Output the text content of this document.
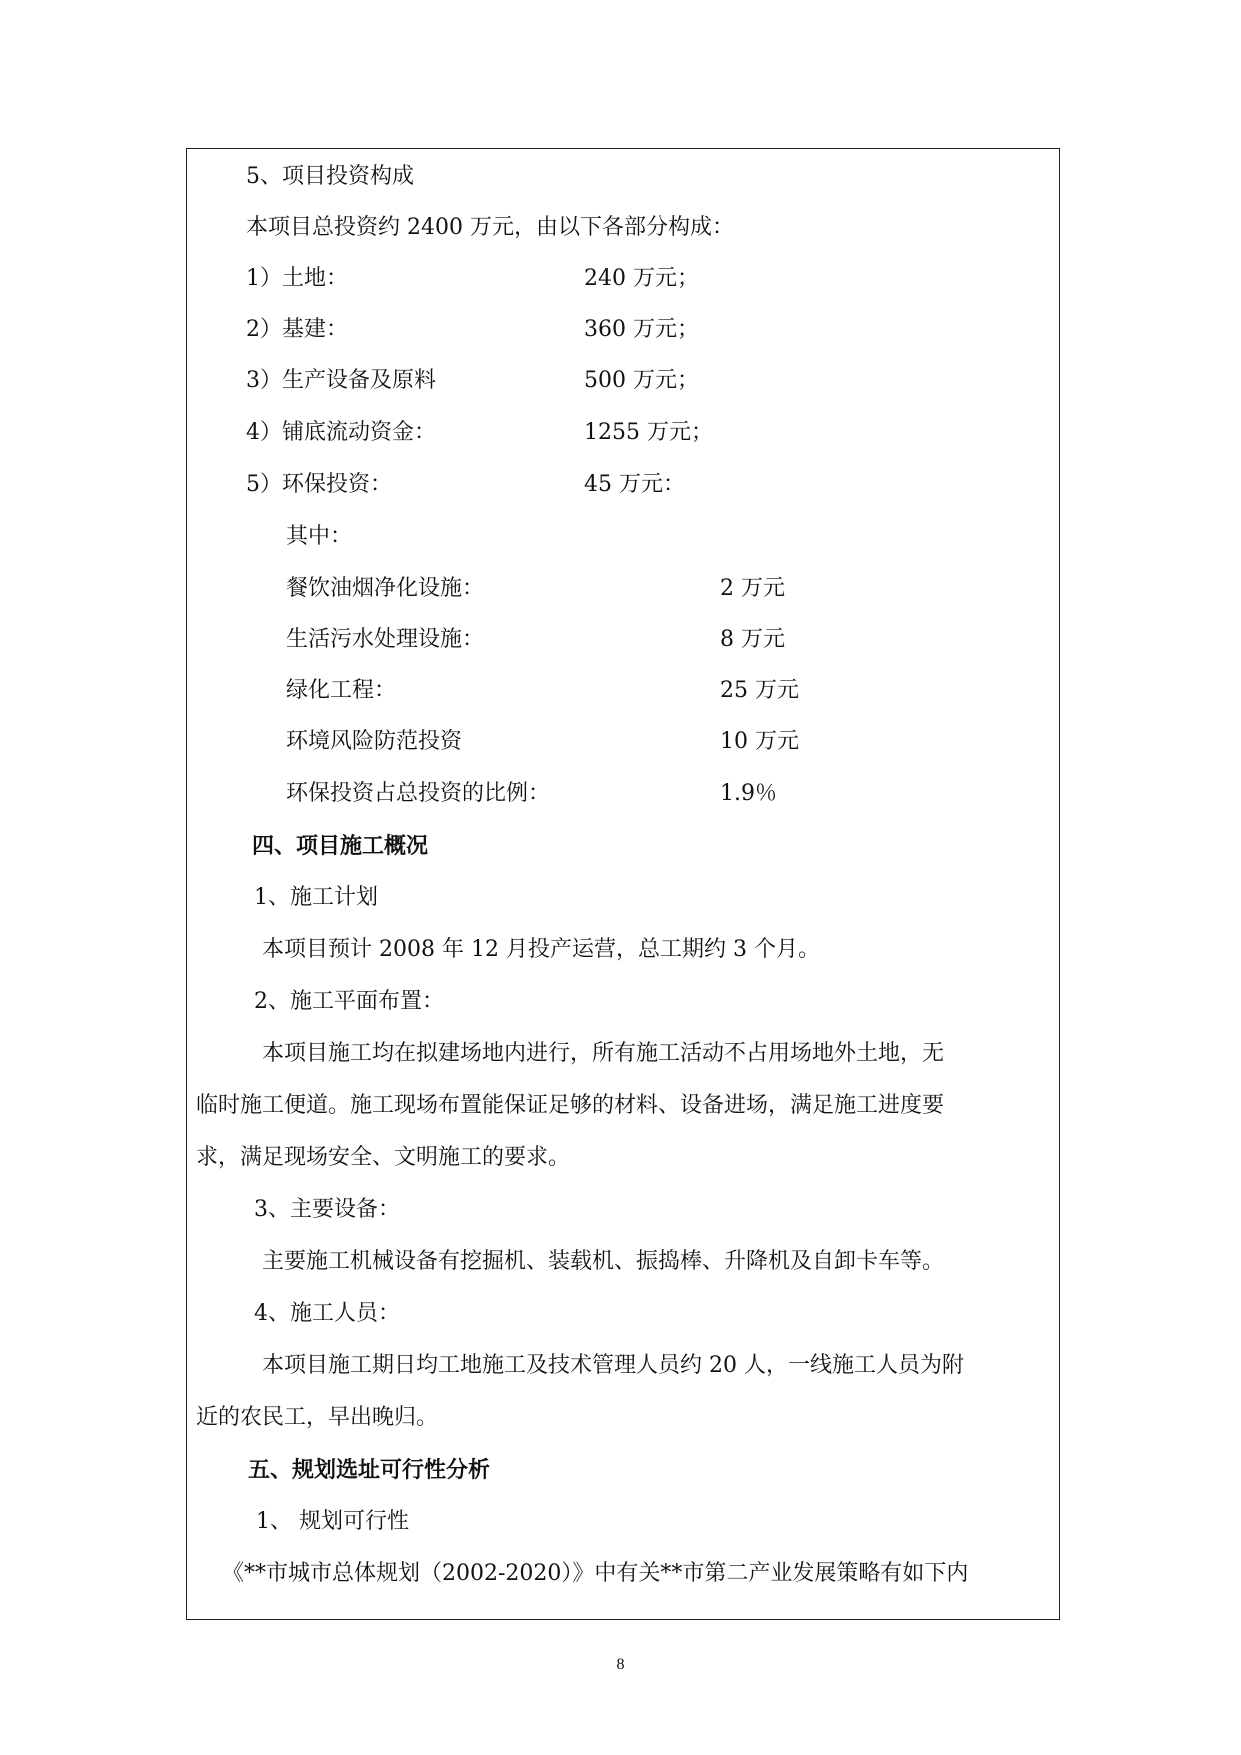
5、项目投资构成
本项目总投资约 2400 万元，由以下各部分构成：
1）土地：	240 万元；
2）基建：	360 万元；
3）生产设备及原料	500 万元；
4）铺底流动资金：	1255 万元；
5）环保投资：	45 万元：
其中：
餐饮油烟净化设施：	2 万元
生活污水处理设施：	8 万元
绿化工程：	25 万元
环境风险防范投资	10 万元
环保投资占总投资的比例：	1.9％
四、项目施工概况
1、施工计划
本项目预计 2008 年 12 月投产运营，总工期约 3 个月。
2、施工平面布置：
本项目施工均在拟建场地内进行，所有施工活动不占用场地外土地，无
临时施工便道。施工现场布置能保证足够的材料、设备进场，满足施工进度要
求，满足现场安全、文明施工的要求。
3、主要设备：
主要施工机械设备有挖掘机、装载机、振捣棒、升降机及自卸卡车等。
4、施工人员：
本项目施工期日均工地施工及技术管理人员约 20 人，一线施工人员为附
近的农民工，早出晚归。
五、规划选址可行性分析
1、 规划可行性
《**市城市总体规划（2002-2020）》中有关**市第二产业发展策略有如下内
8
